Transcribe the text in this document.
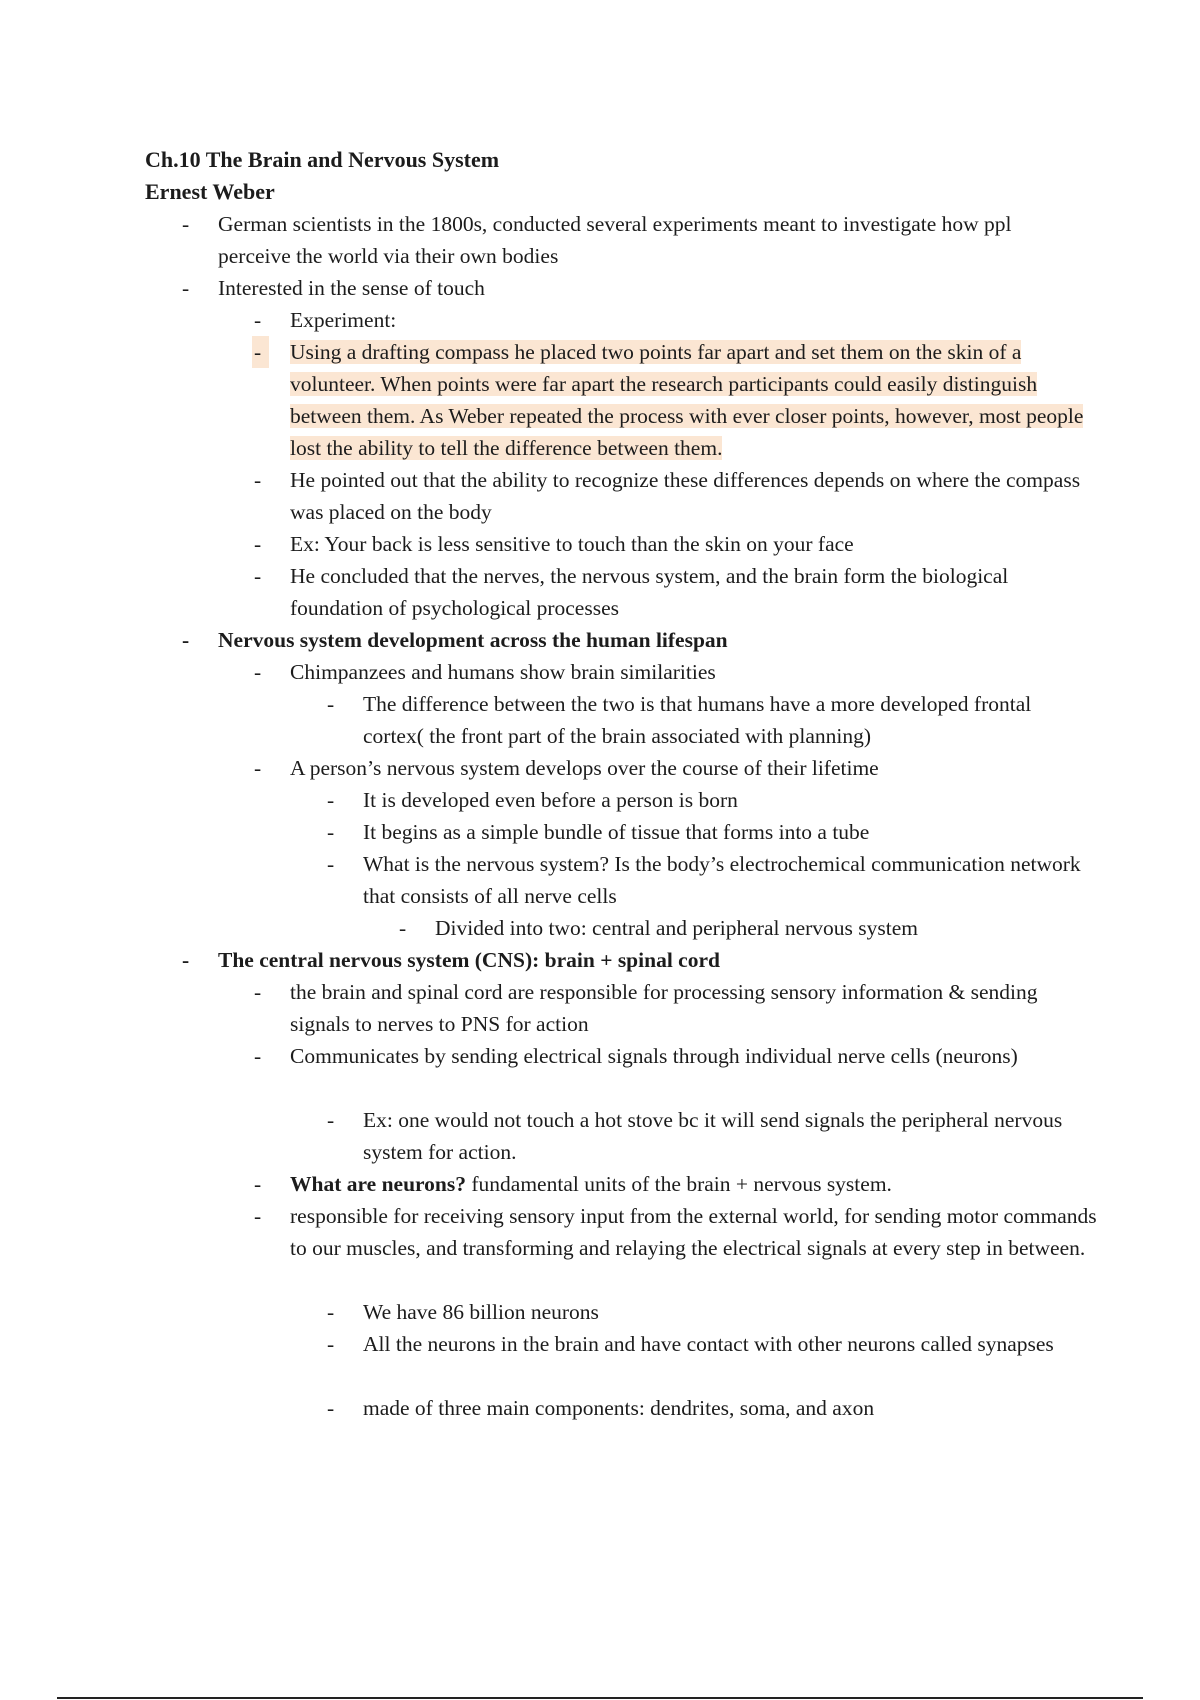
Ch.10 The Brain and Nervous System
Ernest Weber
- German scientists in the 1800s, conducted several experiments meant to investigate how ppl perceive the world via their own bodies
- Interested in the sense of touch
- Experiment:
-	Using a drafting compass he placed two points far apart and set them on the skin of a volunteer. When points were far apart the research participants could easily distinguish between them. As Weber repeated the process with ever closer points, however, most people lost the ability to tell the difference between them.
- He pointed out that the ability to recognize these differences depends on where the compass was placed on the body
- Ex: Your back is less sensitive to touch than the skin on your face
- He concluded that the nerves, the nervous system, and the brain form the biological foundation of psychological processes
- Nervous system development across the human lifespan
- Chimpanzees and humans show brain similarities
- The difference between the two is that humans have a more developed frontal cortex( the front part of the brain associated with planning)
- A person’s nervous system develops over the course of their lifetime
- It is developed even before a person is born
- It begins as a simple bundle of tissue that forms into a tube
- What is the nervous system? Is the body’s electrochemical communication network that consists of all nerve cells
- Divided into two: central and peripheral nervous system
- The central nervous system (CNS): brain + spinal cord
- the brain and spinal cord are responsible for processing sensory information & sending signals to nerves to PNS for action
- Communicates by sending electrical signals through individual nerve cells (neurons)
- Ex: one would not touch a hot stove bc it will send signals the peripheral nervous system for action.
- What are neurons? fundamental units of the brain + nervous system.
- responsible for receiving sensory input from the external world, for sending motor commands to our muscles, and transforming and relaying the electrical signals at every step in between.
- We have 86 billion neurons
- All the neurons in the brain and have contact with other neurons called synapses
- made of three main components: dendrites, soma, and axon
